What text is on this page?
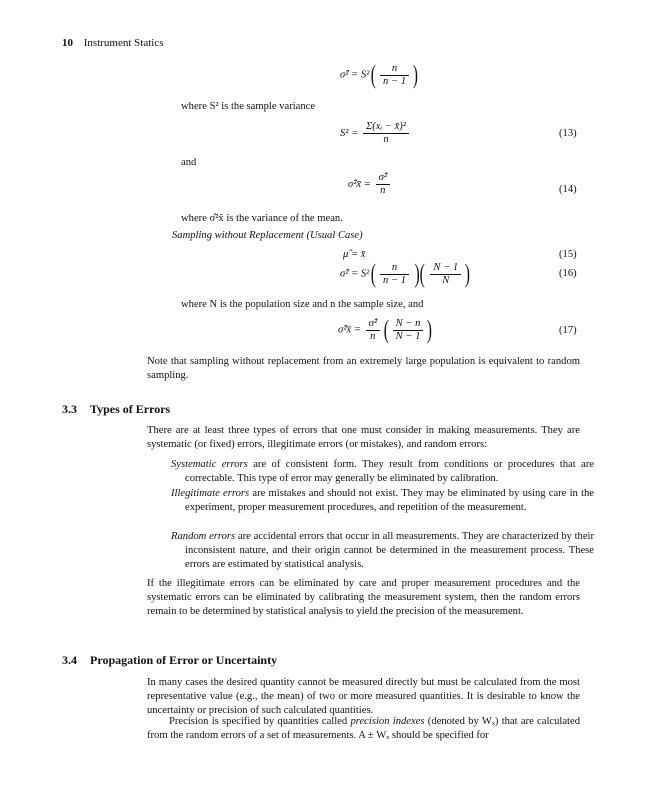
10 Instrument Statics
σ̂² = $S^2( \frac{n}{n - 1}$ )
where S² is the sample variance
$S^2 = \frac{\text{Σ(xᵢ − x̄)²}}{n}$	(13)
and
σ̂²x̄ = $\frac{\text{σ̂²}}{n}$	(14)
where σ̂²x̄ is the variance of the mean.
Sampling without Replacement (Usual Case)
μ̂ = x̄	(15)
σ̂² = $S^2( \frac{n}{n - 1}$ )( $\frac{N - 1}{N}$ )	(16)
where N is the population size and n the sample size, and
σ̂²x̄ = $\frac{\text{σ̂²}}{n}$ ( $\frac{N - n}{N - 1}$ )	(17)
Note that sampling without replacement from an extremely large population is equivalent to random sampling.
3.3 Types of Errors
There are at least three types of errors that one must consider in making measurements. They are systematic (or fixed) errors, illegitimate errors (or mistakes), and random errors:
Systematic errors are of consistent form. They result from conditions or procedures that are correctable. This type of error may generally be eliminated by calibration.
Illegitimate errors are mistakes and should not exist. They may be eliminated by using care in the experiment, proper measurement procedures, and repetition of the measurement.
Random errors are accidental errors that occur in all measurements. They are characterized by their inconsistent nature, and their origin cannot be determined in the measurement process. These errors are estimated by statistical analysis.
If the illegitimate errors can be eliminated by care and proper measurement procedures and the systematic errors can be eliminated by calibrating the measurement system, then the random errors remain to be determined by statistical analysis to yield the precision of the measurement.
3.4 Propagation of Error or Uncertainty
In many cases the desired quantity cannot be measured directly but must be calculated from the most representative value (e.g., the mean) of two or more measured quantities. It is desirable to know the uncertainty or precision of such calculated quantities.
Precision is specified by quantities called precision indexes (denoted by Wₓ) that are calculated from the random errors of a set of measurements. A ± Wₓ should be specified for
